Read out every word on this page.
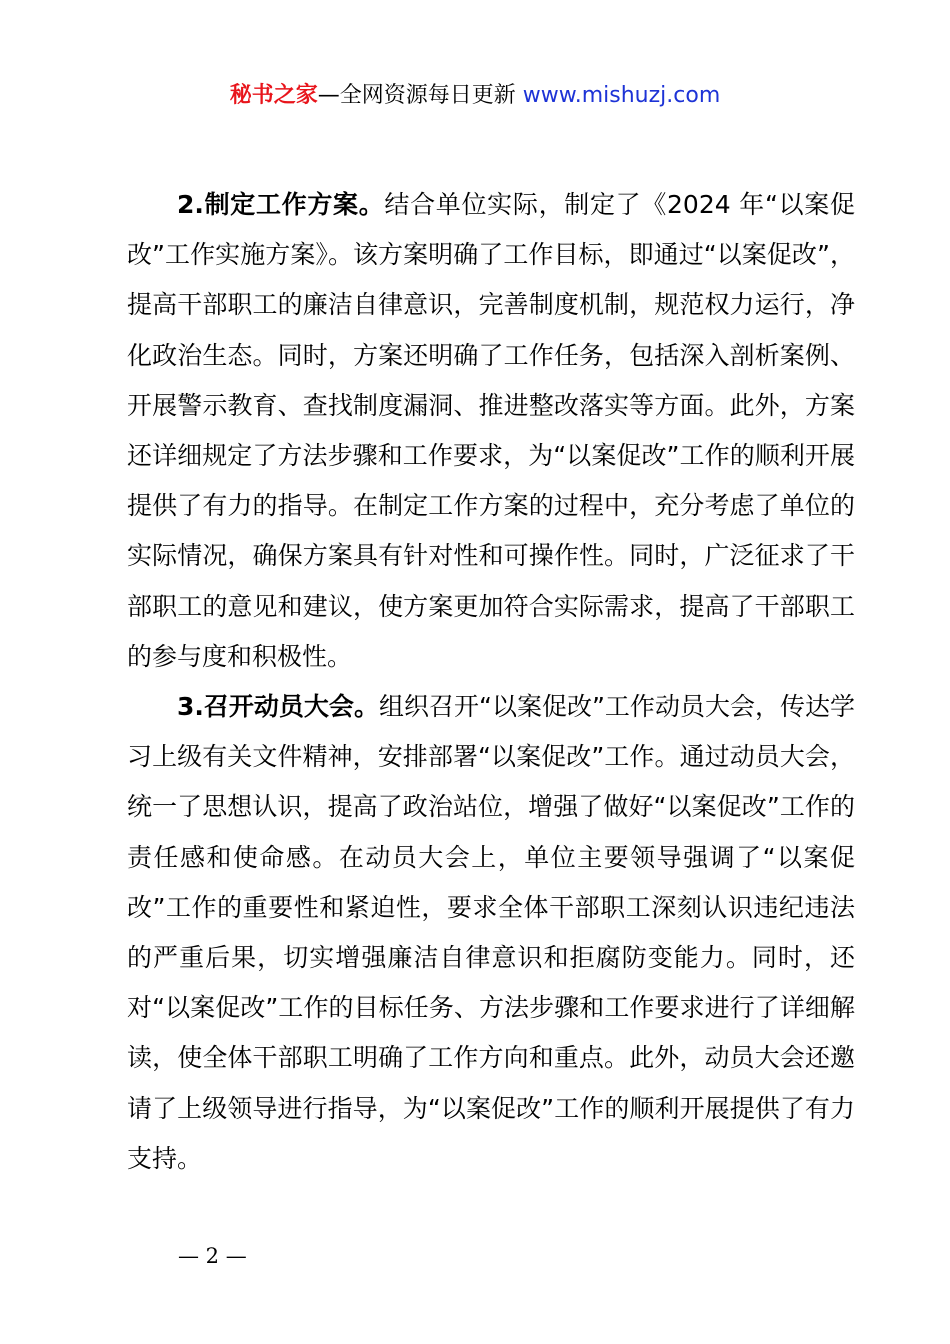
秘书之家—全网资源每日更新 www.mishuzj.com

2.制定工作方案。结合单位实际，制定了《2024 年“以案促改”工作实施方案》。该方案明确了工作目标，即通过“以案促改”，提高干部职工的廉洁自律意识，完善制度机制，规范权力运行，净化政治生态。同时，方案还明确了工作任务，包括深入剖析案例、开展警示教育、查找制度漏洞、推进整改落实等方面。此外，方案还详细规定了方法步骤和工作要求，为“以案促改”工作的顺利开展提供了有力的指导。在制定工作方案的过程中，充分考虑了单位的实际情况，确保方案具有针对性和可操作性。同时，广泛征求了干部职工的意见和建议，使方案更加符合实际需求，提高了干部职工的参与度和积极性。

3.召开动员大会。组织召开“以案促改”工作动员大会，传达学习上级有关文件精神，安排部署“以案促改”工作。通过动员大会，统一了思想认识，提高了政治站位，增强了做好“以案促改”工作的责任感和使命感。在动员大会上，单位主要领导强调了“以案促改”工作的重要性和紧迫性，要求全体干部职工深刻认识违纪违法的严重后果，切实增强廉洁自律意识和拒腐防变能力。同时，还对“以案促改”工作的目标任务、方法步骤和工作要求进行了详细解读，使全体干部职工明确了工作方向和重点。此外，动员大会还邀请了上级领导进行指导，为“以案促改”工作的顺利开展提供了有力支持。

— 2 —
